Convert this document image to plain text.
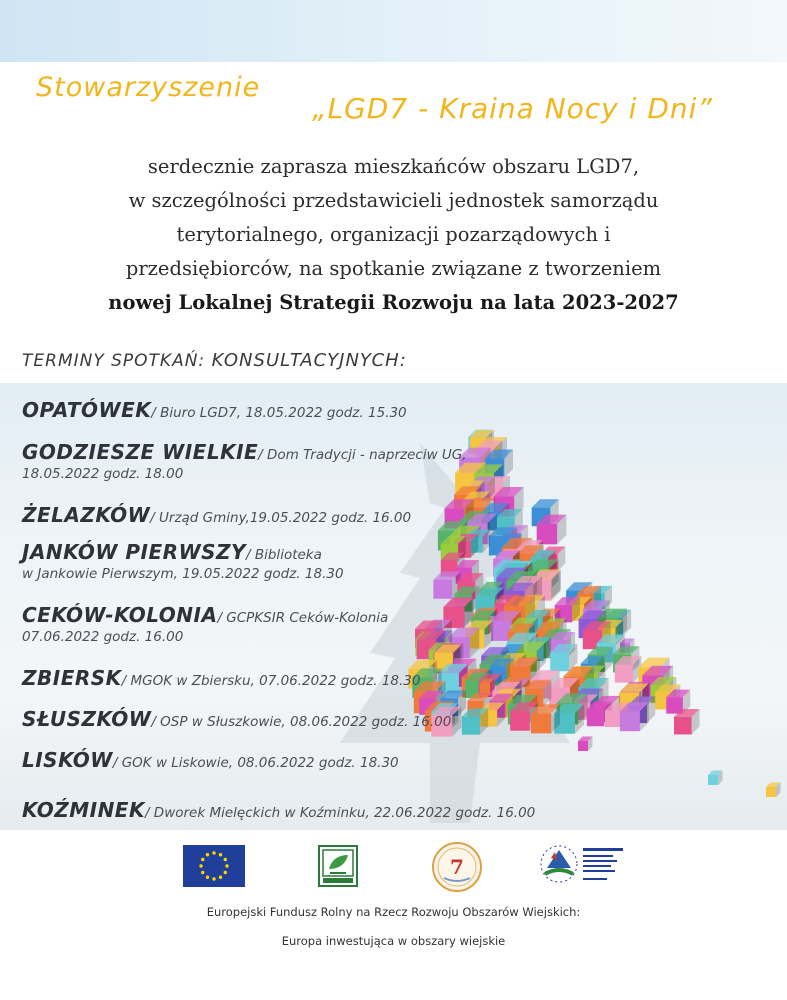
Stowarzyszenie
„LGD7 - Kraina Nocy i Dni”
serdecznie zaprasza mieszkańców obszaru LGD7,
w szczególności przedstawicieli jednostek samorządu
terytorialnego, organizacji pozarządowych i
przedsiębiorców, na spotkanie związane z tworzeniem
nowej Lokalnej Strategii Rozwoju na lata 2023-2027
TERMINY SPOTKAŃ: KONSULTACYJNYCH:
OPATÓWEK/ Biuro LGD7, 18.05.2022 godz. 15.30
GODZIESZE WIELKIE/ Dom Tradycji - naprzeciw UG,
18.05.2022 godz. 18.00
ŻELAZKÓW/ Urząd Gminy,19.05.2022 godz. 16.00
JANKÓW PIERWSZY/ Biblioteka
w Jankowie Pierwszym, 19.05.2022 godz. 18.30
CEKÓW-KOLONIA/ GCPKSIR Ceków-Kolonia
07.06.2022 godz. 16.00
ZBIERSK/ MGOK w Zbiersku, 07.06.2022 godz. 18.30
SŁUSZKÓW/ OSP w Słuszkowie, 08.06.2022 godz. 16.00
LISKÓW/ GOK w Liskowie, 08.06.2022 godz. 18.30
KOŹMINEK/ Dworek Mielęckich w Koźminku, 22.06.2022 godz. 16.00
7
Europejski Fundusz Rolny na Rzecz Rozwoju Obszarów Wiejskich:
Europa inwestująca w obszary wiejskie
